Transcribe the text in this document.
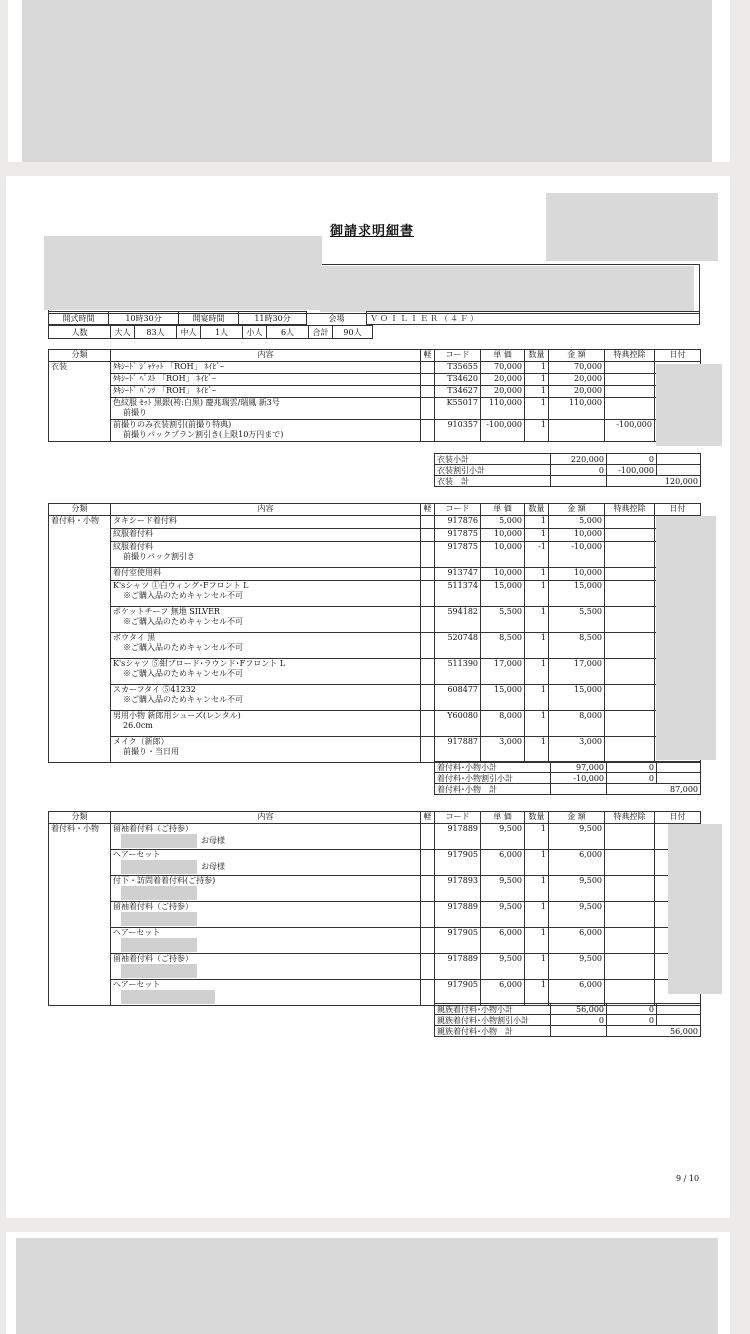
御請求明細書
開式時間	10時30分	開宴時間	11時30分	会場	ＶＯＩＬＩＥＲ（４Ｆ）
人数	大人	83人	中人	1人	小人	6人	合計	90人	
分類	内容	軽	コード	単 価	数量	金 額	特典控除	日付
衣装	ﾀｷｼｰﾄﾞ ｼﾞｬｹｯﾄ 「ROH」 ﾈｲﾋﾞｰ		T35655	70,000	1	70,000		

	ﾀｷｼｰﾄﾞ ﾍﾞｽﾄ 「ROH」 ﾈｲﾋﾞｰ		T34620	20,000	1	20,000		

	ﾀｷｼｰﾄﾞ ﾊﾟﾝﾂ 「ROH」 ﾈｲﾋﾞｰ		T34627	20,000	1	20,000		

	色紋服 ｾｯﾄ 黒銀(袴:白黒) 慶兆瑞雲/瑞鳳 新3号
前撮り		K55017	110,000	1	110,000		

	前撮りのみ衣装割引(前撮り特典)
前撮りパックプラン割引き(上限10万円まで)		910357	-100,000	1		-100,000	
衣装小計	220,000	0		
衣装割引小計	0	-100,000		
衣装　計		120,000		
分類	内容	軽	コード	単 価	数量	金 額	特典控除	日付
着付料・小物	タキシード着付料		917876	5,000	1	5,000		

	紋服着付料		917875	10,000	1	10,000		

	紋服着付料
前撮りパック割引き		917875	10,000	-1	-10,000		

	着付室使用料		913747	10,000	1	10,000		

	K'sシャツ ①白ウィング･Fフロント L
※ご購入品のためキャンセル不可		511374	15,000	1	15,000		

	ポケットチーフ 無地 SILVER
※ご購入品のためキャンセル不可		594182	5,500	1	5,500		

	ボウタイ 黒
※ご購入品のためキャンセル不可		520748	8,500	1	8,500		

	K'sシャツ ⑤紺ブロード･ラウンド･Fフロント L
※ご購入品のためキャンセル不可		511390	17,000	1	17,000		

	スカーフタイ ⑤41232
※ご購入品のためキャンセル不可		608477	15,000	1	15,000		

	男用小物 新郎用シューズ(レンタル)
26.0cm		Y60080	8,000	1	8,000		

	メイク（新郎）
前撮り・当日用		917887	3,000	1	3,000		
着付料･小物小計	97,000	0		
着付料･小物割引小計	-10,000	0		
着付料･小物　計		87,000		
分類	内容	軽	コード	単 価	数量	金 額	特典控除	日付
着付料・小物	留袖着付料（ご持参）
お母様		917889	9,500	1	9,500		

	ヘアーセット
お母様		917905	6,000	1	6,000		

	付下・訪問着着付料(ご持参)		917893	9,500	1	9,500		

	留袖着付料（ご持参）		917889	9,500	1	9,500		

	ヘアーセット		917905	6,000	1	6,000		

	留袖着付料（ご持参）		917889	9,500	1	9,500		

	ヘアーセット		917905	6,000	1	6,000		
親族着付料･小物小計	56,000	0		
親族着付料･小物割引小計	0	0		
親族着付料･小物　計		56,000		
9 / 10
